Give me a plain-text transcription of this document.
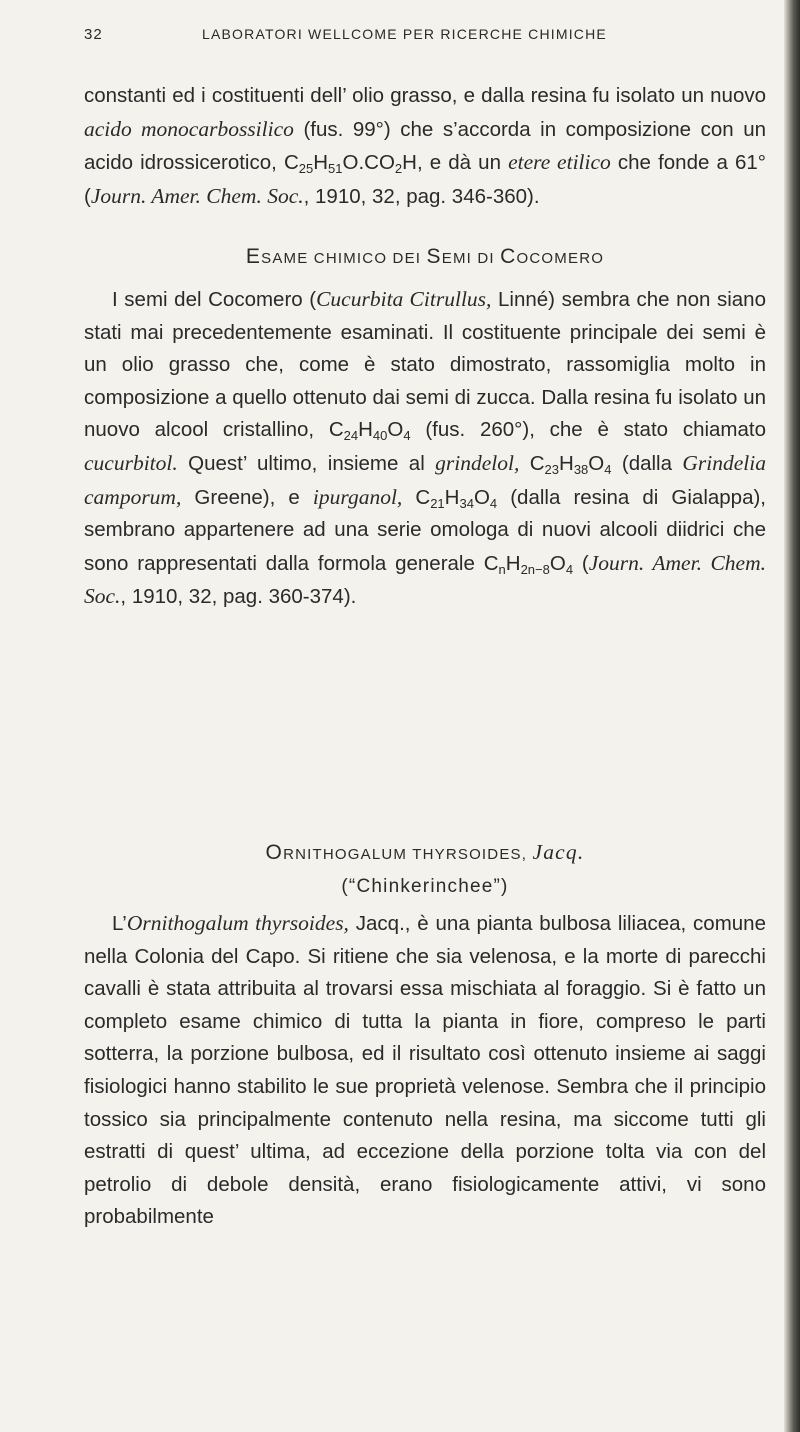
32	LABORATORI WELLCOME PER RICERCHE CHIMICHE

constanti ed i costituenti dell’ olio grasso, e dalla resina fu isolato un nuovo acido monocarbossilico (fus. 99°) che s’accorda in composizione con un acido idrossicerotico, $C_{25}H_{51}O.CO_2H$, e dà un etere etilico che fonde a 61° (Journ. Amer. Chem. Soc., 1910, 32, pag. 346-360).

ESAME CHIMICO DEI SEMI DI COCOMERO

I semi del Cocomero (Cucurbita Citrullus, Linné) sembra che non siano stati mai precedentemente esaminati. Il costituente principale dei semi è un olio grasso che, come è stato dimostrato, rassomiglia molto in composizione a quello ottenuto dai semi di zucca. Dalla resina fu isolato un nuovo alcool cristallino, $C_{24}H_{40}O_4$ (fus. 260°), che è stato chiamato cucurbitol. Quest’ ultimo, insieme al grindelol, $C_{23}H_{38}O_4$ (dalla Grindelia camporum, Greene), e ipurganol, $C_{21}H_{34}O_4$ (dalla resina di Gialappa), sembrano appartenere ad una serie omologa di nuovi alcooli diidrici che sono rappresentati dalla formola generale $C_nH_{2n-8}O_4$ (Journ. Amer. Chem. Soc., 1910, 32, pag. 360-374).

ORNITHOGALUM THYRSOIDES, Jacq.

(“Chinkerinchee”)

L’Ornithogalum thyrsoides, Jacq., è una pianta bulbosa liliacea, comune nella Colonia del Capo. Si ritiene che sia velenosa, e la morte di parecchi cavalli è stata attribuita al trovarsi essa mischiata al foraggio. Si è fatto un completo esame chimico di tutta la pianta in fiore, compreso le parti sotterra, la porzione bulbosa, ed il risultato così ottenuto insieme ai saggi fisiologici hanno stabilito le sue proprietà velenose. Sembra che il principio tossico sia principalmente contenuto nella resina, ma siccome tutti gli estratti di quest’ ultima, ad eccezione della porzione tolta via con del petrolio di debole densità, erano fisiologicamente attivi, vi sono probabilmente
